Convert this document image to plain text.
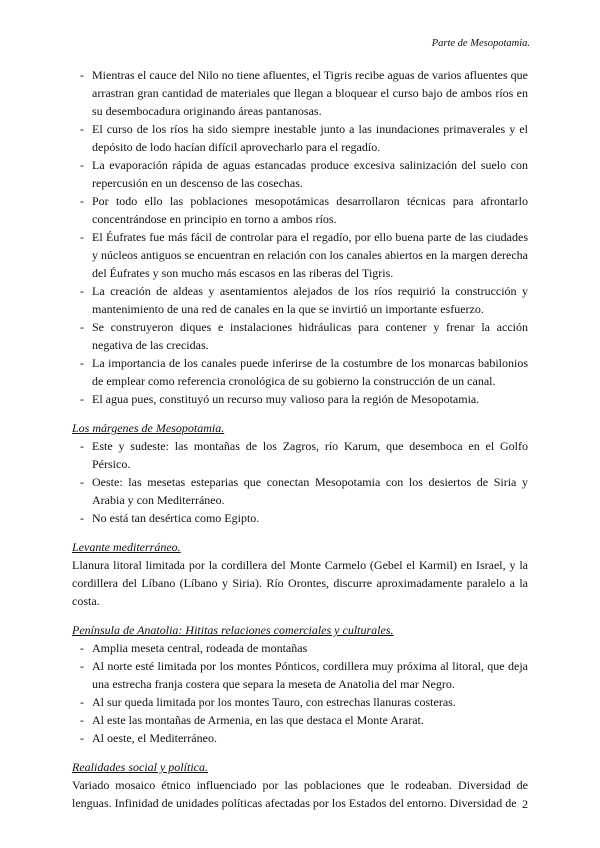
Parte de Mesopotamia.
- Mientras el cauce del Nilo no tiene afluentes, el Tigris recibe aguas de varios afluentes que arrastran gran cantidad de materiales que llegan a bloquear el curso bajo de ambos ríos en su desembocadura originando áreas pantanosas.
- El curso de los ríos ha sido siempre inestable junto a las inundaciones primaverales y el depósito de lodo hacían difícil aprovecharlo para el regadío.
- La evaporación rápida de aguas estancadas produce excesiva salinización del suelo con repercusión en un descenso de las cosechas.
- Por todo ello las poblaciones mesopotámicas desarrollaron técnicas para afrontarlo concentrándose en principio en torno a ambos ríos.
- El Éufrates fue más fácil de controlar para el regadío, por ello buena parte de las ciudades y núcleos antiguos se encuentran en relación con los canales abiertos en la margen derecha del Éufrates y son mucho más escasos en las riberas del Tigris.
- La creación de aldeas y asentamientos alejados de los ríos requirió la construcción y mantenimiento de una red de canales en la que se invirtió un importante esfuerzo.
- Se construyeron diques e instalaciones hidráulicas para contener y frenar la acción negativa de las crecidas.
- La importancia de los canales puede inferirse de la costumbre de los monarcas babilonios de emplear como referencia cronológica de su gobierno la construcción de un canal.
- El agua pues, constituyó un recurso muy valioso para la región de Mesopotamia.
Los márgenes de Mesopotamia.
- Este y sudeste: las montañas de los Zagros, río Karum, que desemboca en el Golfo Pérsico.
- Oeste: las mesetas esteparias que conectan Mesopotamia con los desiertos de Siria y Arabia y con Mediterráneo.
- No está tan desértica como Egipto.
Levante mediterráneo.

Llanura litoral limitada por la cordillera del Monte Carmelo (Gebel el Karmil) en Israel, y la cordillera del Líbano (Líbano y Siria). Río Orontes, discurre aproximadamente paralelo a la costa.

Península de Anatolia: Hititas relaciones comerciales y culturales.
- Amplia meseta central, rodeada de montañas
- Al norte esté limitada por los montes Pónticos, cordillera muy próxima al litoral, que deja una estrecha franja costera que separa la meseta de Anatolia del mar Negro.
- Al sur queda limitada por los montes Tauro, con estrechas llanuras costeras.
- Al este las montañas de Armenia, en las que destaca el Monte Ararat.
- Al oeste, el Mediterráneo.
Realidades social y política.

Variado mosaico étnico influenciado por las poblaciones que le rodeaban. Diversidad de lenguas. Infinidad de unidades políticas afectadas por los Estados del entorno. Diversidad de 2
